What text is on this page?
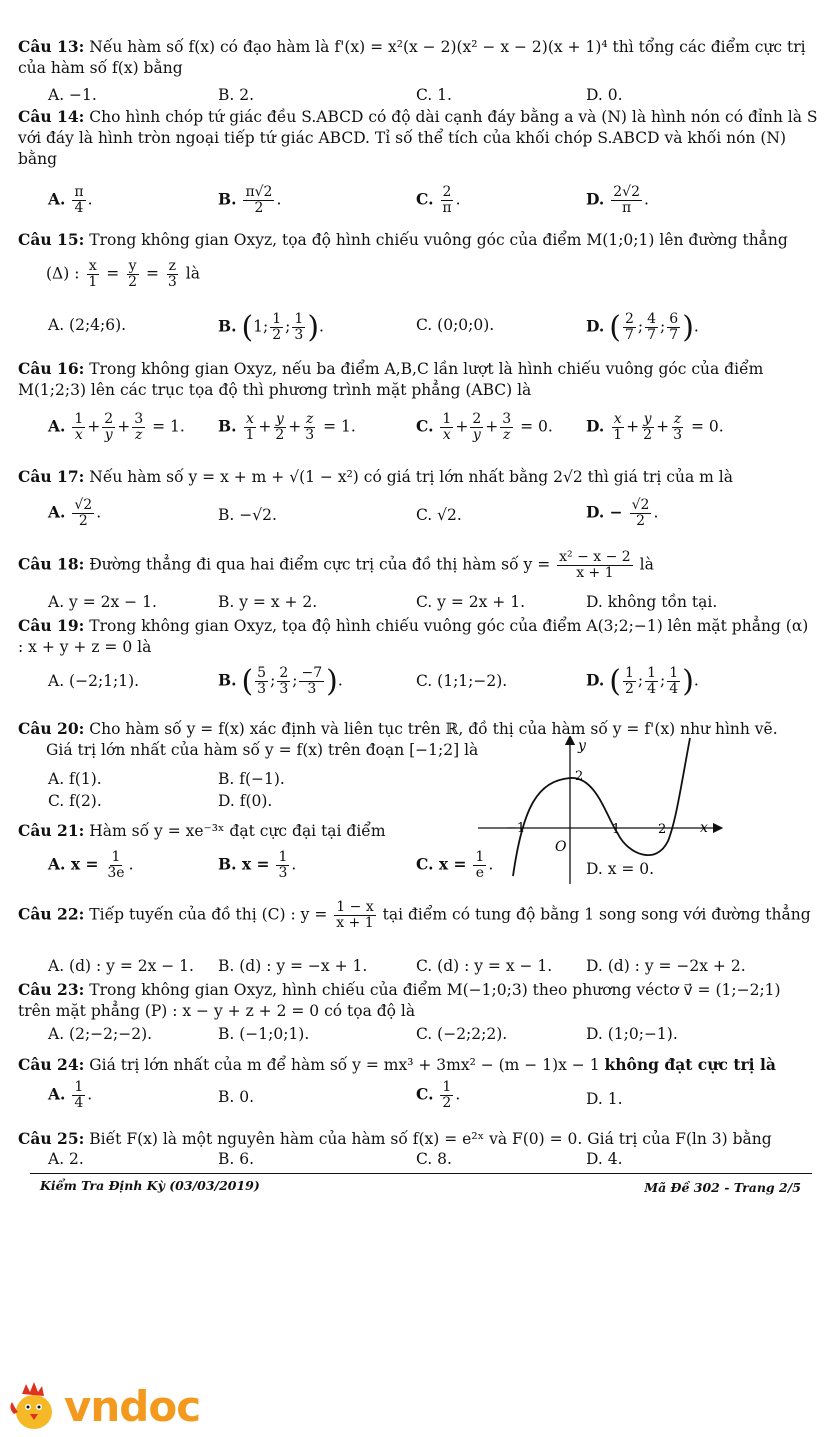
Câu 13: Nếu hàm số f(x) có đạo hàm là f'(x) = x²(x − 2)(x² − x − 2)(x + 1)⁴ thì tổng các điểm cực trị của hàm số f(x) bằng
A. −1.	B. 2.	C. 1.	D. 0.
Câu 14: Cho hình chóp tứ giác đều S.ABCD có độ dài cạnh đáy bằng a và (N) là hình nón có đỉnh là S với đáy là hình tròn ngoại tiếp tứ giác ABCD. Tỉ số thể tích của khối chóp S.ABCD và khối nón (N) bằng
A. $\frac{\pi}{4}$ .	B. $\frac{\pi√2}{2}$ .	C. $\frac{2}{\pi}$ .	D. $\frac{2√2}{\pi}$ .
Câu 15: Trong không gian Oxyz, tọa độ hình chiếu vuông góc của điểm M(1;0;1) lên đường thẳng
(Δ) : $\frac{x}{1} = \frac{y}{2} = \frac{z}{3}$ là
A. (2;4;6).	B. (1; $\frac{1}{2}$ ; $\frac{1}{3}$ ).	C. (0;0;0).	D. ( $\frac{2}{7}$ ; $\frac{4}{7}$ ; $\frac{6}{7}$ ).
Câu 16: Trong không gian Oxyz, nếu ba điểm A,B,C lần lượt là hình chiếu vuông góc của điểm M(1;2;3) lên các trục tọa độ thì phương trình mặt phẳng (ABC) là
A. $\frac{1}{x} + \frac{2}{y} + \frac{3}{z} = 1$. B. $\frac{x}{1} + \frac{y}{2} + \frac{z}{3} = 1$.	C. $\frac{1}{x} + \frac{2}{y} + \frac{3}{z} = 0$. D. $\frac{x}{1} + \frac{y}{2} + \frac{z}{3} = 0$.
Câu 17: Nếu hàm số y = x + m + √(1 − x²) có giá trị lớn nhất bằng 2√2 thì giá trị của m là
A. $\frac{√2}{2}$ .	B. −√2.	C. √2.	D. − $\frac{√2}{2}$ .
Câu 18: Đường thẳng đi qua hai điểm cực trị của đồ thị hàm số $y = \frac{\text{x² − x − 2}}{x + 1}$ là
A. y = 2x − 1.	B. y = x + 2.	C. y = 2x + 1.	D. không tồn tại.
Câu 19: Trong không gian Oxyz, tọa độ hình chiếu vuông góc của điểm A(3;2;−1) lên mặt phẳng (α) : x + y + z = 0 là
A. (−2;1;1).	B. ( $\frac{5}{3}$ ; $\frac{2}{3}$ ; $\frac{-7}{3}$ ).	C. (1;1;−2).	D. ( $\frac{1}{2}$ ; $\frac{1}{4}$ ; $\frac{1}{4}$ ).
Câu 20: Cho hàm số y = f(x) xác định và liên tục trên ℝ, đồ thị của hàm số y = f'(x) như hình vẽ.
Giá trị lớn nhất của hàm số y = f(x) trên đoạn [−1;2] là
A. f(1).	B. f(−1).
C. f(2).	D. f(0).
y
x
O
−1	1	2
2
Câu 21: Hàm số y = xe⁻³ˣ đạt cực đại tại điểm
A. $x = \frac{1}{3e}$ .	B. $x = \frac{1}{3}$ .	C. $x = \frac{1}{e}$ .	D. x = 0.
Câu 22: Tiếp tuyến của đồ thị (C) : $y = \frac{1 - x}{x + 1}$ tại điểm có tung độ bằng 1 song song với đường thẳng
A. (d) : y = 2x − 1. B. (d) : y = −x + 1.	C. (d) : y = x − 1. D. (d) : y = −2x + 2.
Câu 23: Trong không gian Oxyz, hình chiếu của điểm M(−1;0;3) theo phương véctơ v⃗ = (1;−2;1) trên mặt phẳng (P) : x − y + z + 2 = 0 có tọa độ là
A. (2;−2;−2).	B. (−1;0;1).	C. (−2;2;2).	D. (1;0;−1).
Câu 24: Giá trị lớn nhất của m để hàm số y = mx³ + 3mx² − (m − 1)x − 1 không đạt cực trị là
A. $\frac{1}{4}$ .	B. 0.	C. $\frac{1}{2}$ .	D. 1.
Câu 25: Biết F(x) là một nguyên hàm của hàm số f(x) = e²ˣ và F(0) = 0. Giá trị của F(ln 3) bằng
A. 2.	B. 6.	C. 8.	D. 4.
Kiểm Tra Định Kỳ (03/03/2019)	Mã Đề 302 - Trang 2/5
vndoc
